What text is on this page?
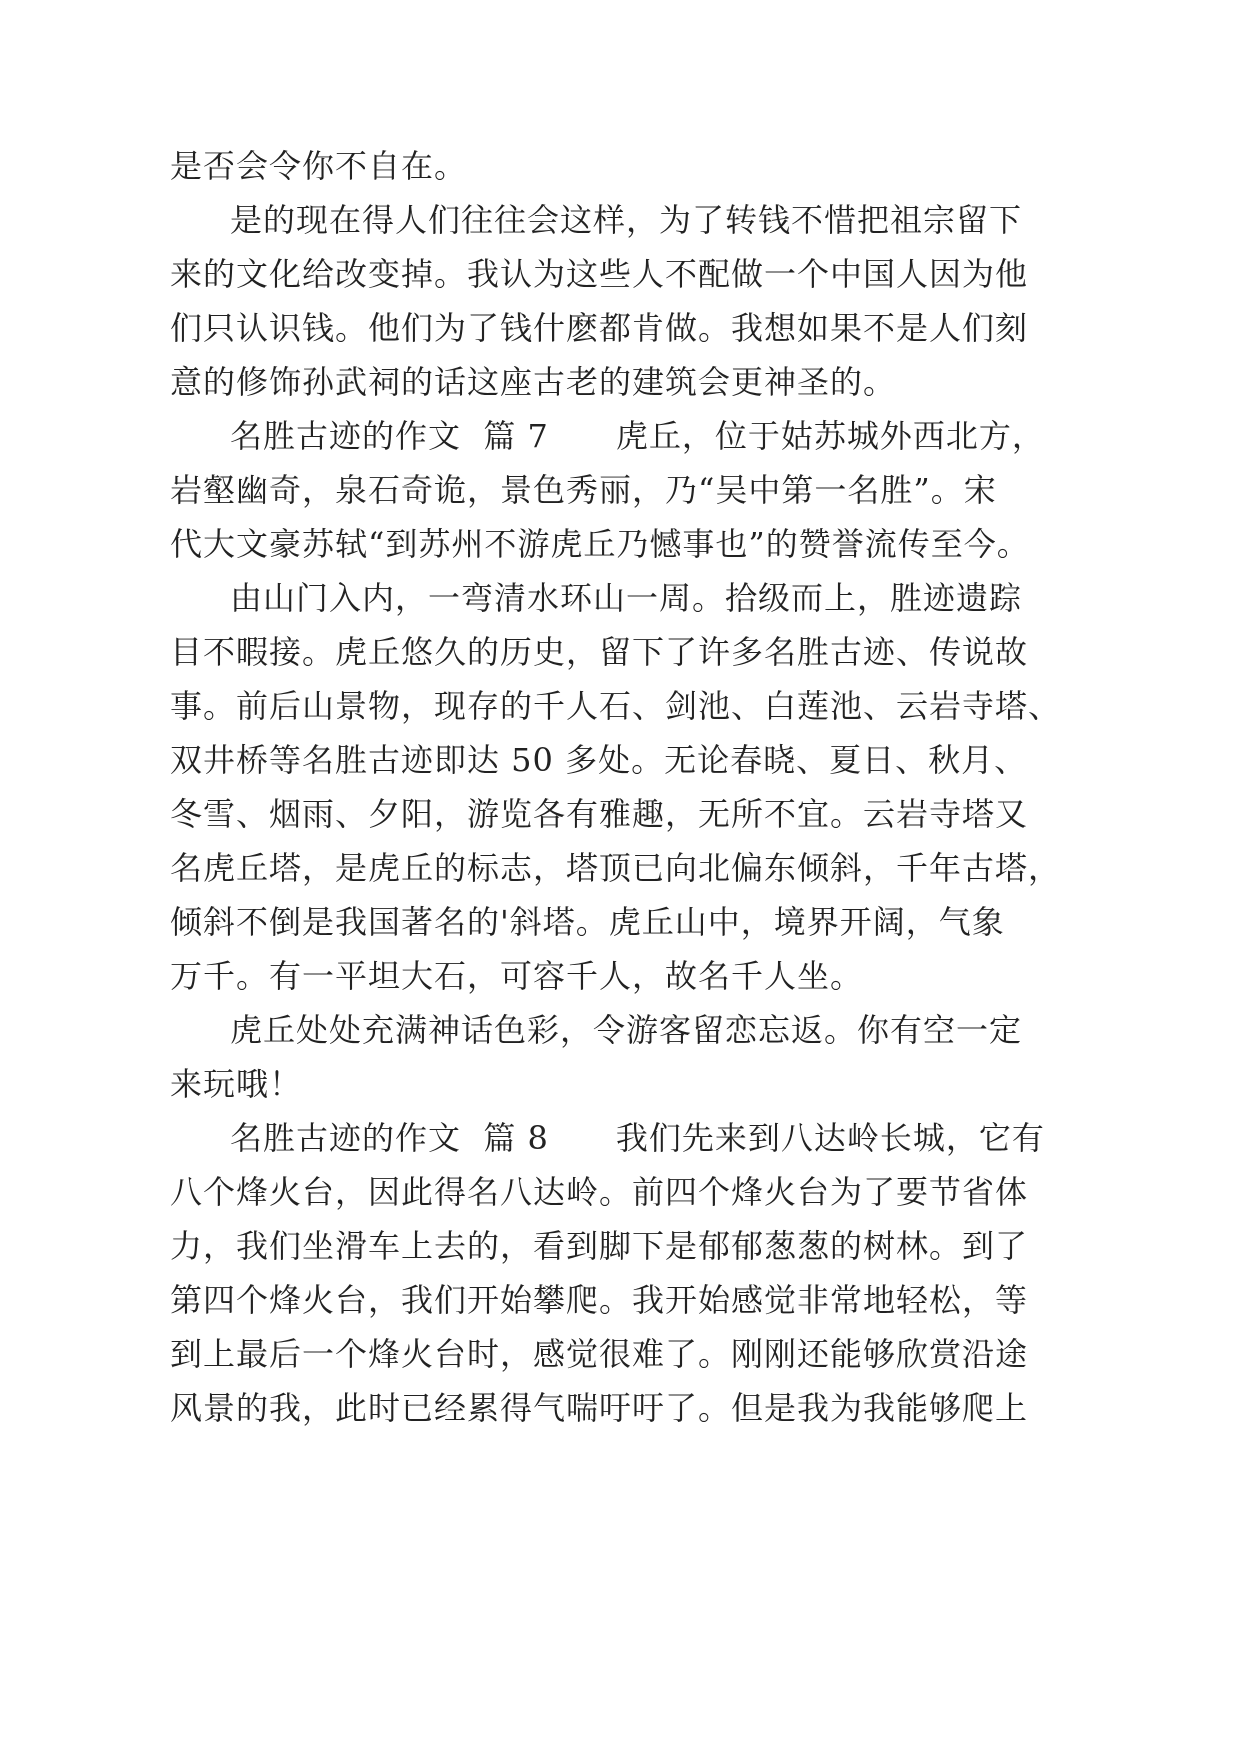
是否会令你不自在。
是的现在得人们往往会这样，为了转钱不惜把祖宗留下
来的文化给改变掉。我认为这些人不配做一个中国人因为他
们只认识钱。他们为了钱什麽都肯做。我想如果不是人们刻
意的修饰孙武祠的话这座古老的建筑会更神圣的。
名胜古迹的作文  篇 7      虎丘，位于姑苏城外西北方，
岩壑幽奇，泉石奇诡，景色秀丽，乃“吴中第一名胜”。宋
代大文豪苏轼“到苏州不游虎丘乃憾事也”的赞誉流传至今。
由山门入内，一弯清水环山一周。拾级而上，胜迹遗踪
目不暇接。虎丘悠久的历史，留下了许多名胜古迹、传说故
事。前后山景物，现存的千人石、剑池、白莲池、云岩寺塔、
双井桥等名胜古迹即达 50 多处。无论春晓、夏日、秋月、
冬雪、烟雨、夕阳，游览各有雅趣，无所不宜。云岩寺塔又
名虎丘塔，是虎丘的标志，塔顶已向北偏东倾斜，千年古塔，
倾斜不倒是我国著名的'斜塔。虎丘山中，境界开阔，气象
万千。有一平坦大石，可容千人，故名千人坐。
虎丘处处充满神话色彩，令游客留恋忘返。你有空一定
来玩哦！
名胜古迹的作文  篇 8      我们先来到八达岭长城，它有
八个烽火台，因此得名八达岭。前四个烽火台为了要节省体
力，我们坐滑车上去的，看到脚下是郁郁葱葱的树林。到了
第四个烽火台，我们开始攀爬。我开始感觉非常地轻松，等
到上最后一个烽火台时，感觉很难了。刚刚还能够欣赏沿途
风景的我，此时已经累得气喘吁吁了。但是我为我能够爬上
